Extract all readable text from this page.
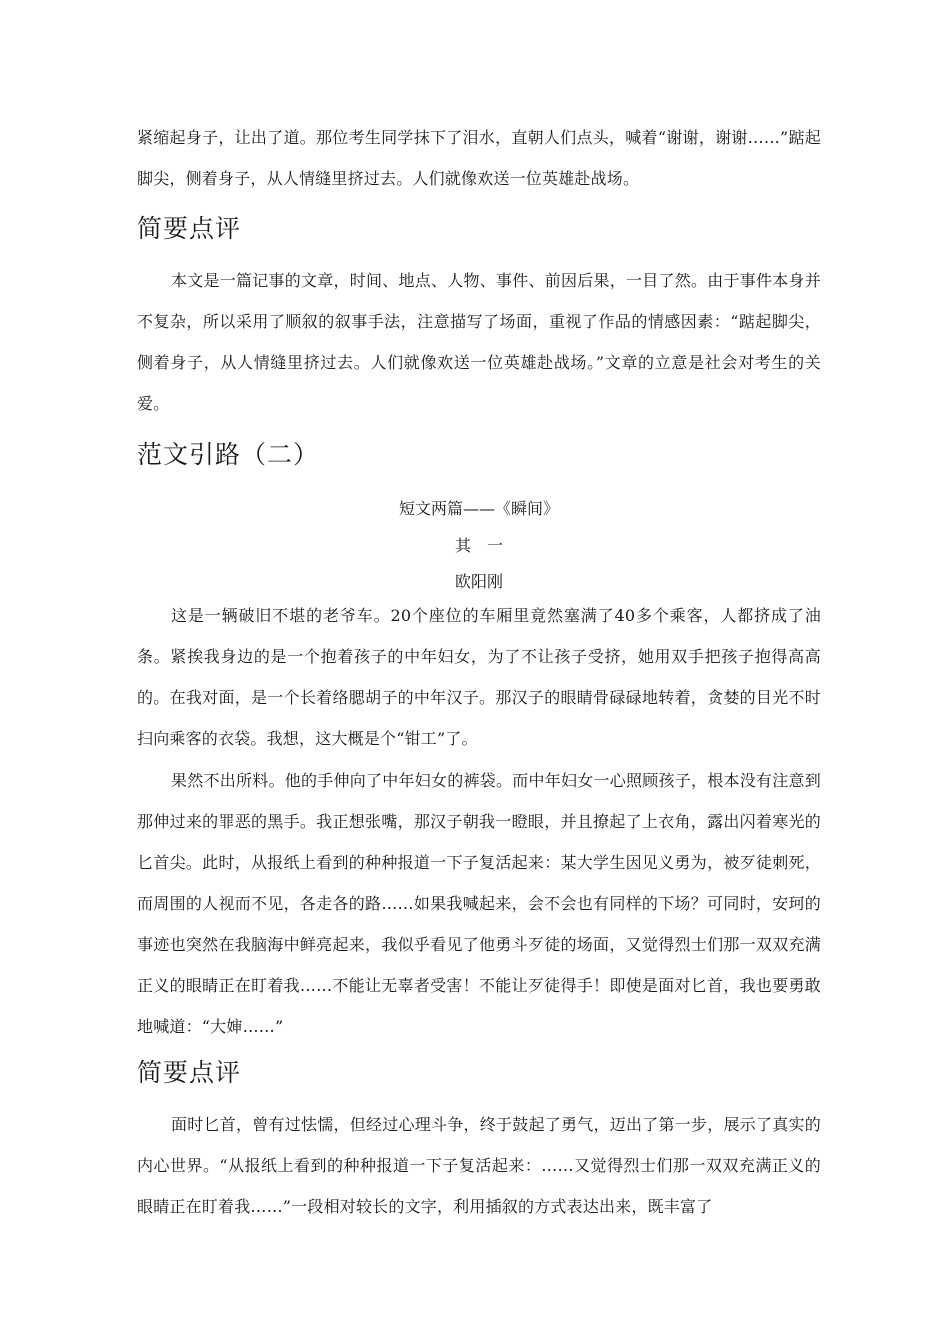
紧缩起身子，让出了道。那位考生同学抹下了泪水，直朝人们点头，喊着“谢谢，谢谢……”踮起脚尖，侧着身子，从人情缝里挤过去。人们就像欢送一位英雄赴战场。

简要点评

本文是一篇记事的文章，时间、地点、人物、事件、前因后果，一目了然。由于事件本身并不复杂，所以采用了顺叙的叙事手法，注意描写了场面，重视了作品的情感因素：“踮起脚尖，侧着身子，从人情缝里挤过去。人们就像欢送一位英雄赴战场。”文章的立意是社会对考生的关爱。

范文引路（二）

短文两篇——《瞬间》

其　一

欧阳刚

这是一辆破旧不堪的老爷车。20个座位的车厢里竟然塞满了40多个乘客，人都挤成了油条。紧挨我身边的是一个抱着孩子的中年妇女，为了不让孩子受挤，她用双手把孩子抱得高高的。在我对面，是一个长着络腮胡子的中年汉子。那汉子的眼睛骨碌碌地转着，贪婪的目光不时扫向乘客的衣袋。我想，这大概是个“钳工”了。

果然不出所料。他的手伸向了中年妇女的裤袋。而中年妇女一心照顾孩子，根本没有注意到那伸过来的罪恶的黑手。我正想张嘴，那汉子朝我一瞪眼，并且撩起了上衣角，露出闪着寒光的匕首尖。此时，从报纸上看到的种种报道一下子复活起来：某大学生因见义勇为，被歹徒刺死，而周围的人视而不见，各走各的路……如果我喊起来，会不会也有同样的下场？可同时，安珂的事迹也突然在我脑海中鲜亮起来，我似乎看见了他勇斗歹徒的场面，又觉得烈士们那一双双充满正义的眼睛正在盯着我……不能让无辜者受害！不能让歹徒得手！即使是面对匕首，我也要勇敢地喊道：“大婶……”

简要点评

面时匕首，曾有过怯懦，但经过心理斗争，终于鼓起了勇气，迈出了第一步，展示了真实的内心世界。“从报纸上看到的种种报道一下子复活起来：……又觉得烈士们那一双双充满正义的眼睛正在盯着我……”一段相对较长的文字，利用插叙的方式表达出来，既丰富了
